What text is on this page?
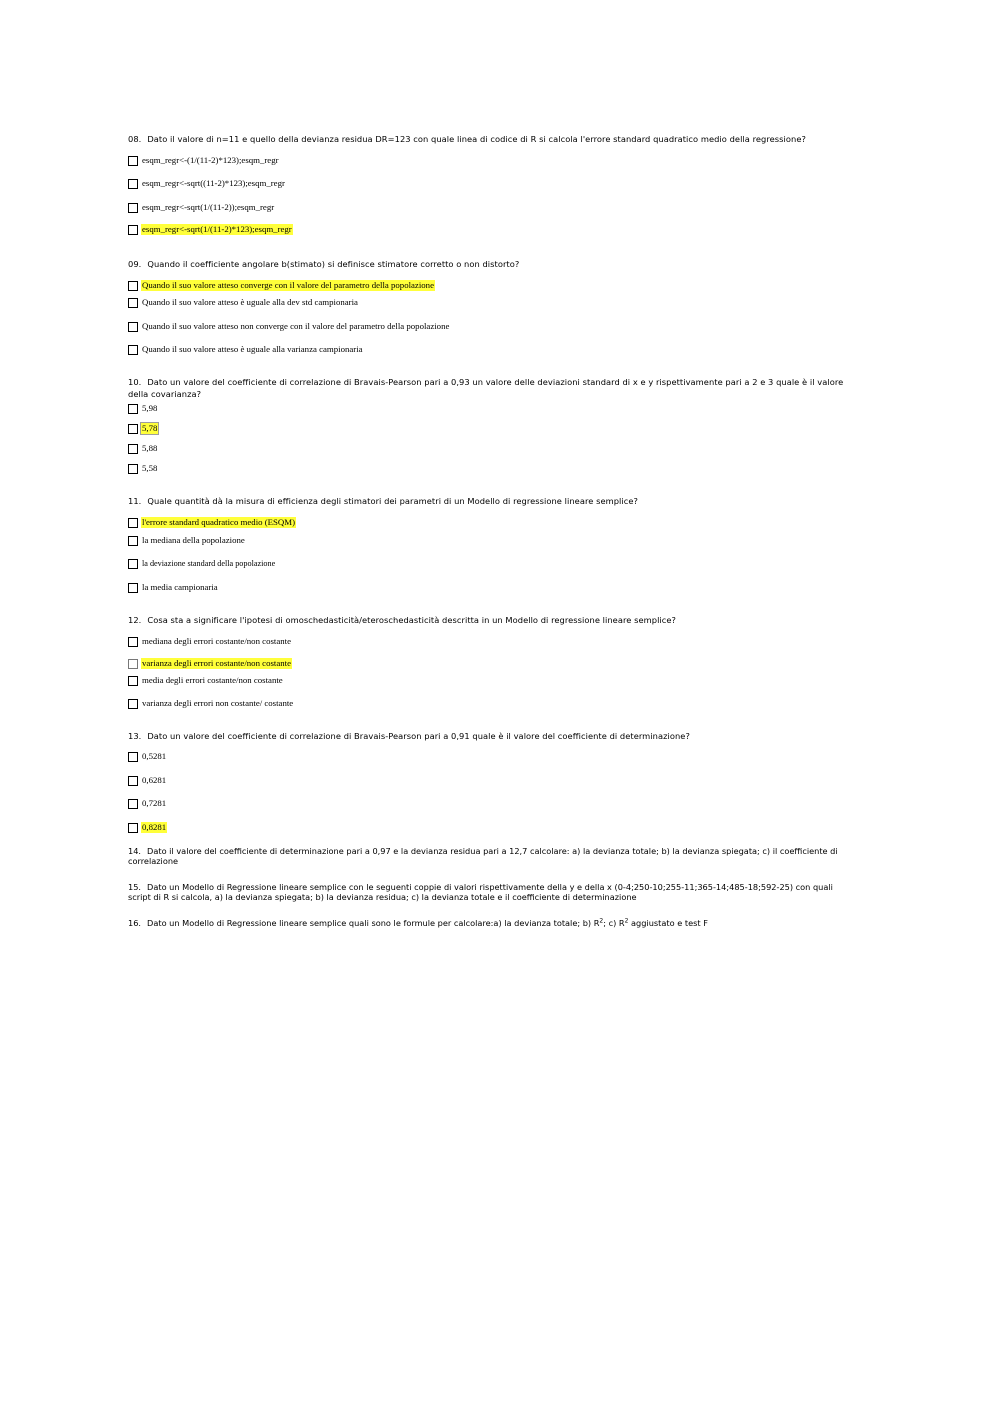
08. Dato il valore di n=11 e quello della devianza residua DR=123 con quale linea di codice di R si calcola l'errore standard quadratico medio della regressione?

esqm_regr<-(1/(11-2)*123);esqm_regr
esqm_regr<-sqrt((11-2)*123);esqm_regr
esqm_regr<-sqrt(1/(11-2));esqm_regr
esqm_regr<-sqrt(1/(11-2)*123);esqm_regr

09. Quando il coefficiente angolare b(stimato) si definisce stimatore corretto o non distorto?

Quando il suo valore atteso converge con il valore del parametro della popolazione
Quando il suo valore atteso è uguale alla dev std campionaria
Quando il suo valore atteso non converge con il valore del parametro della popolazione
Quando il suo valore atteso è uguale alla varianza campionaria

10. Dato un valore del coefficiente di correlazione di Bravais-Pearson pari a 0,93 un valore delle deviazioni standard di x e y rispettivamente pari a 2 e 3 quale è il valore della covarianza?

5,98
5,78
5,88
5,58

11. Quale quantità dà la misura di efficienza degli stimatori dei parametri di un Modello di regressione lineare semplice?

l'errore standard quadratico medio (ESQM)
la mediana della popolazione
la deviazione standard della popolazione
la media campionaria

12. Cosa sta a significare l'ipotesi di omoschedasticità/eteroschedasticità descritta in un Modello di regressione lineare semplice?

mediana degli errori costante/non costante
varianza degli errori costante/non costante
media degli errori costante/non costante
varianza degli errori non costante/ costante

13. Dato un valore del coefficiente di correlazione di Bravais-Pearson pari a 0,91 quale è il valore del coefficiente di determinazione?

0,5281
0,6281
0,7281
0,8281

14. Dato il valore del coefficiente di determinazione pari a 0,97 e la devianza residua pari a 12,7 calcolare: a) la devianza totale; b) la devianza spiegata; c) il coefficiente di correlazione

15. Dato un Modello di Regressione lineare semplice con le seguenti coppie di valori rispettivamente della y e della x (0-4;250-10;255-11;365-14;485-18;592-25) con quali script di R si calcola, a) la devianza spiegata; b) la devianza residua; c) la devianza totale e il coefficiente di determinazione

16. Dato un Modello di Regressione lineare semplice quali sono le formule per calcolare:a) la devianza totale; b) $R^2$; c) $R^2$ aggiustato e test F
